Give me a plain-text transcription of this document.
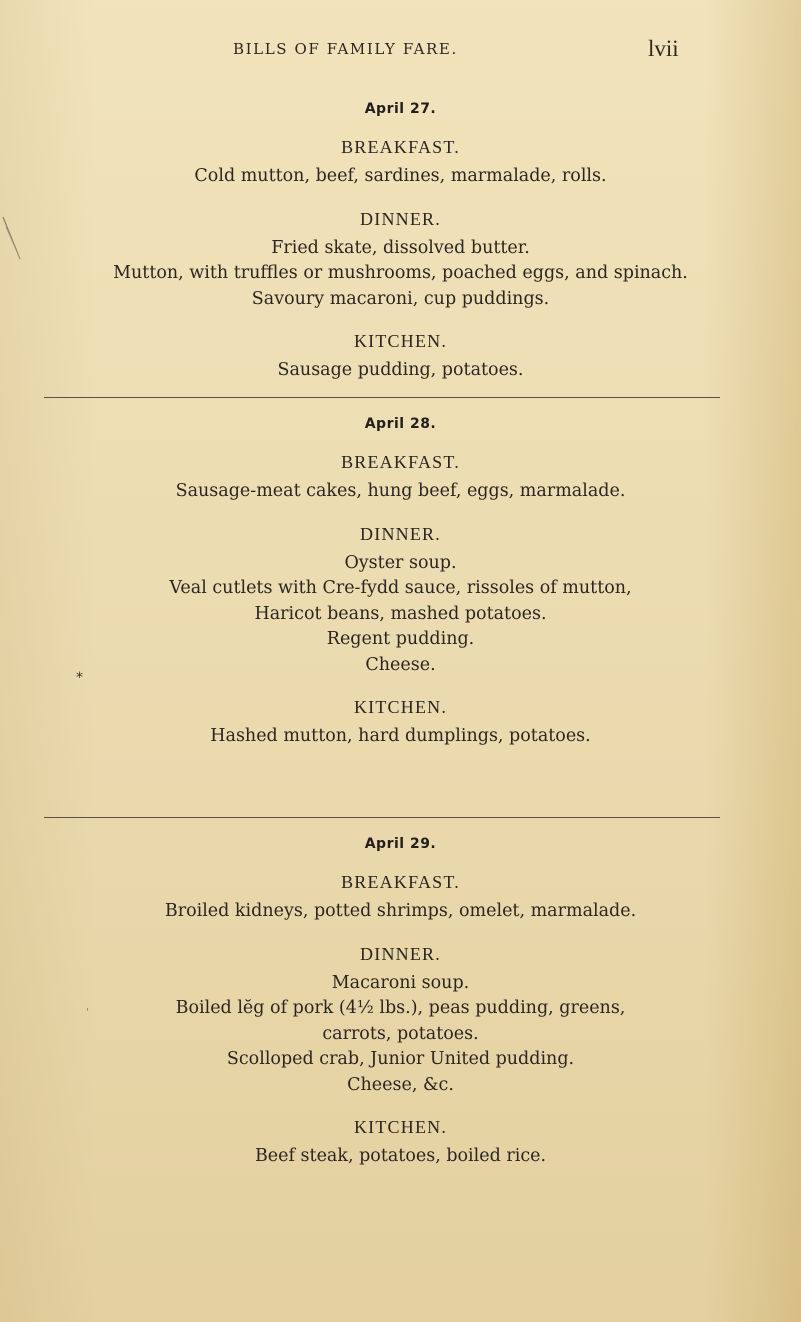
BILLS OF FAMILY FARE.	lvii
April 27.
BREAKFAST.
Cold mutton, beef, sardines, marmalade, rolls.
DINNER.
Fried skate, dissolved butter.
Mutton, with truffles or mushrooms, poached eggs, and spinach.
Savoury macaroni, cup puddings.
KITCHEN.
Sausage pudding, potatoes.
April 28.
BREAKFAST.
Sausage-meat cakes, hung beef, eggs, marmalade.
DINNER.
Oyster soup.
Veal cutlets with Cre-fydd sauce, rissoles of mutton,
Haricot beans, mashed potatoes.
Regent pudding.
Cheese.
KITCHEN.
Hashed mutton, hard dumplings, potatoes.
*
April 29.
BREAKFAST.
Broiled kidneys, potted shrimps, omelet, marmalade.
DINNER.
Macaroni soup.
Boiled lĕg of pork (4½ lbs.), peas pudding, greens,
carrots, potatoes.
Scolloped crab, Junior United pudding.
Cheese, &c.
KITCHEN.
Beef steak, potatoes, boiled rice.
'
